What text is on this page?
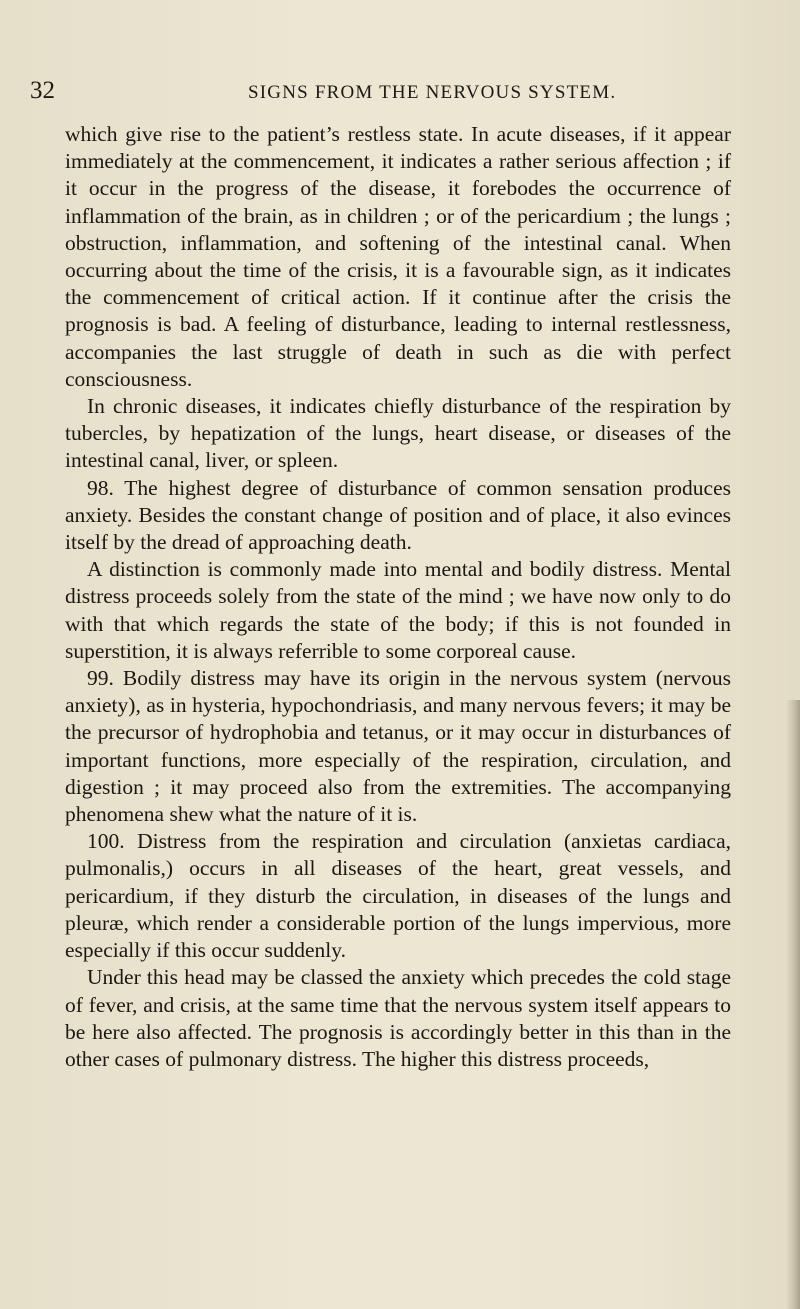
32	SIGNS FROM THE NERVOUS SYSTEM.

which give rise to the patient’s restless state. In acute diseases, if it appear immediately at the commencement, it indicates a rather serious affection ; if it occur in the progress of the disease, it forebodes the occurrence of inflammation of the brain, as in children ; or of the pericardium ; the lungs ; obstruction, inflammation, and softening of the intestinal canal. When occurring about the time of the crisis, it is a favourable sign, as it indicates the commencement of critical action. If it continue after the crisis the prognosis is bad. A feeling of disturbance, leading to internal restlessness, accompanies the last struggle of death in such as die with perfect consciousness.

In chronic diseases, it indicates chiefly disturbance of the respiration by tubercles, by hepatization of the lungs, heart disease, or diseases of the intestinal canal, liver, or spleen.

98. The highest degree of disturbance of common sensation produces anxiety. Besides the constant change of position and of place, it also evinces itself by the dread of approaching death.

A distinction is commonly made into mental and bodily distress. Mental distress proceeds solely from the state of the mind ; we have now only to do with that which regards the state of the body; if this is not founded in superstition, it is always referrible to some corporeal cause.

99. Bodily distress may have its origin in the nervous system (nervous anxiety), as in hysteria, hypochondriasis, and many nervous fevers; it may be the precursor of hydrophobia and tetanus, or it may occur in disturbances of important functions, more especially of the respiration, circulation, and digestion ; it may proceed also from the extremities. The accompanying phenomena shew what the nature of it is.

100. Distress from the respiration and circulation (anxietas cardiaca, pulmonalis,) occurs in all diseases of the heart, great vessels, and pericardium, if they disturb the circulation, in diseases of the lungs and pleuræ, which render a considerable portion of the lungs impervious, more especially if this occur suddenly.

Under this head may be classed the anxiety which precedes the cold stage of fever, and crisis, at the same time that the nervous system itself appears to be here also affected. The prognosis is accordingly better in this than in the other cases of pulmonary distress. The higher this distress proceeds,
